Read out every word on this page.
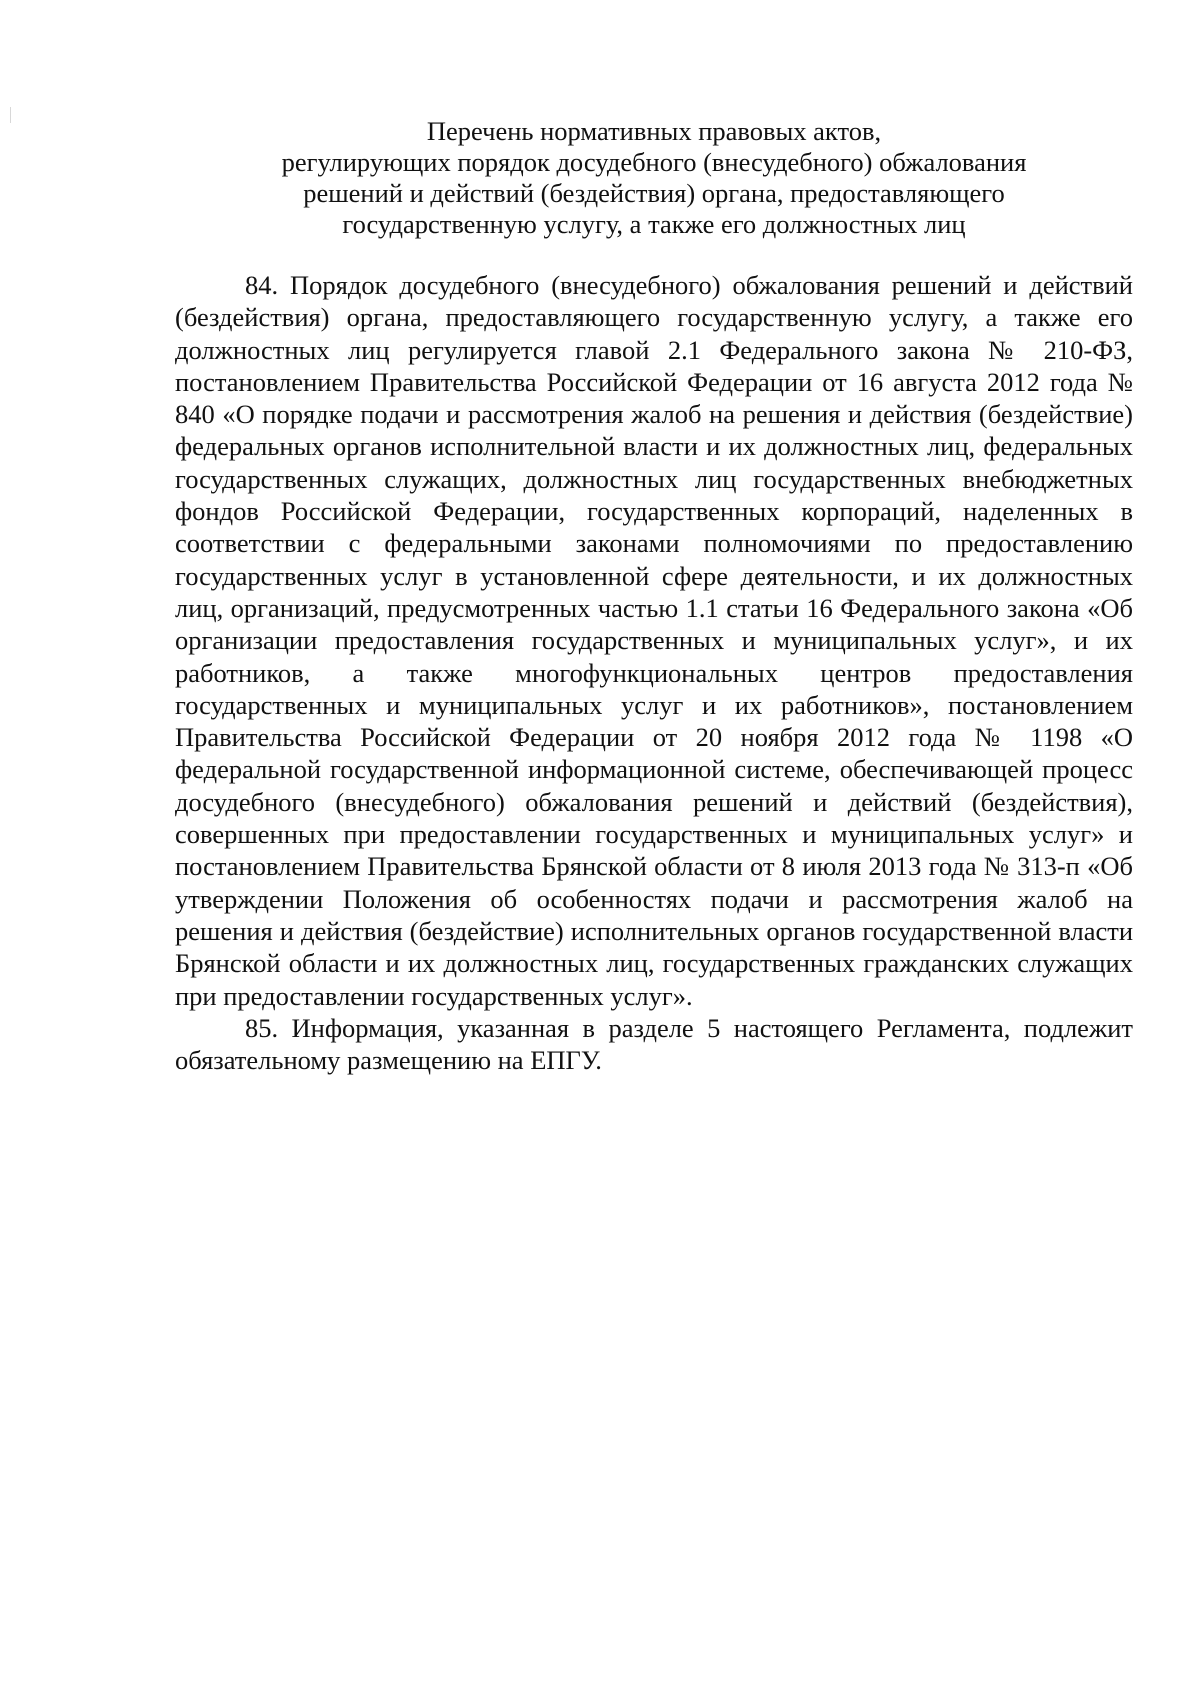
Перечень нормативных правовых актов,
регулирующих порядок досудебного (внесудебного) обжалования
решений и действий (бездействия) органа, предоставляющего
государственную услугу, а также его должностных лиц

84. Порядок досудебного (внесудебного) обжалования решений и действий (бездействия) органа, предоставляющего государственную услугу, а также его должностных лиц регулируется главой 2.1 Федерального закона № 210-ФЗ, постановлением Правительства Российской Федерации от 16 августа 2012 года № 840 «О порядке подачи и рассмотрения жалоб на решения и действия (бездействие) федеральных органов исполнительной власти и их должностных лиц, федеральных государственных служащих, должностных лиц государственных внебюджетных фондов Российской Федерации, государственных корпораций, наделенных в соответствии с федеральными законами полномочиями по предоставлению государственных услуг в установленной сфере деятельности, и их должностных лиц, организаций, предусмотренных частью 1.1 статьи 16 Федерального закона «Об организации предоставления государственных и муниципальных услуг», и их работников, а также многофункциональных центров предоставления государственных и муниципальных услуг и их работников», постановлением Правительства Российской Федерации от 20 ноября 2012 года № 1198 «О федеральной государственной информационной системе, обеспечивающей процесс досудебного (внесудебного) обжалования решений и действий (бездействия), совершенных при предоставлении государственных и муниципальных услуг» и постановлением Правительства Брянской области от 8 июля 2013 года № 313-п «Об утверждении Положения об особенностях подачи и рассмотрения жалоб на решения и действия (бездействие) исполнительных органов государственной власти Брянской области и их должностных лиц, государственных гражданских служащих при предоставлении государственных услуг».

85. Информация, указанная в разделе 5 настоящего Регламента, подлежит обязательному размещению на ЕПГУ.
